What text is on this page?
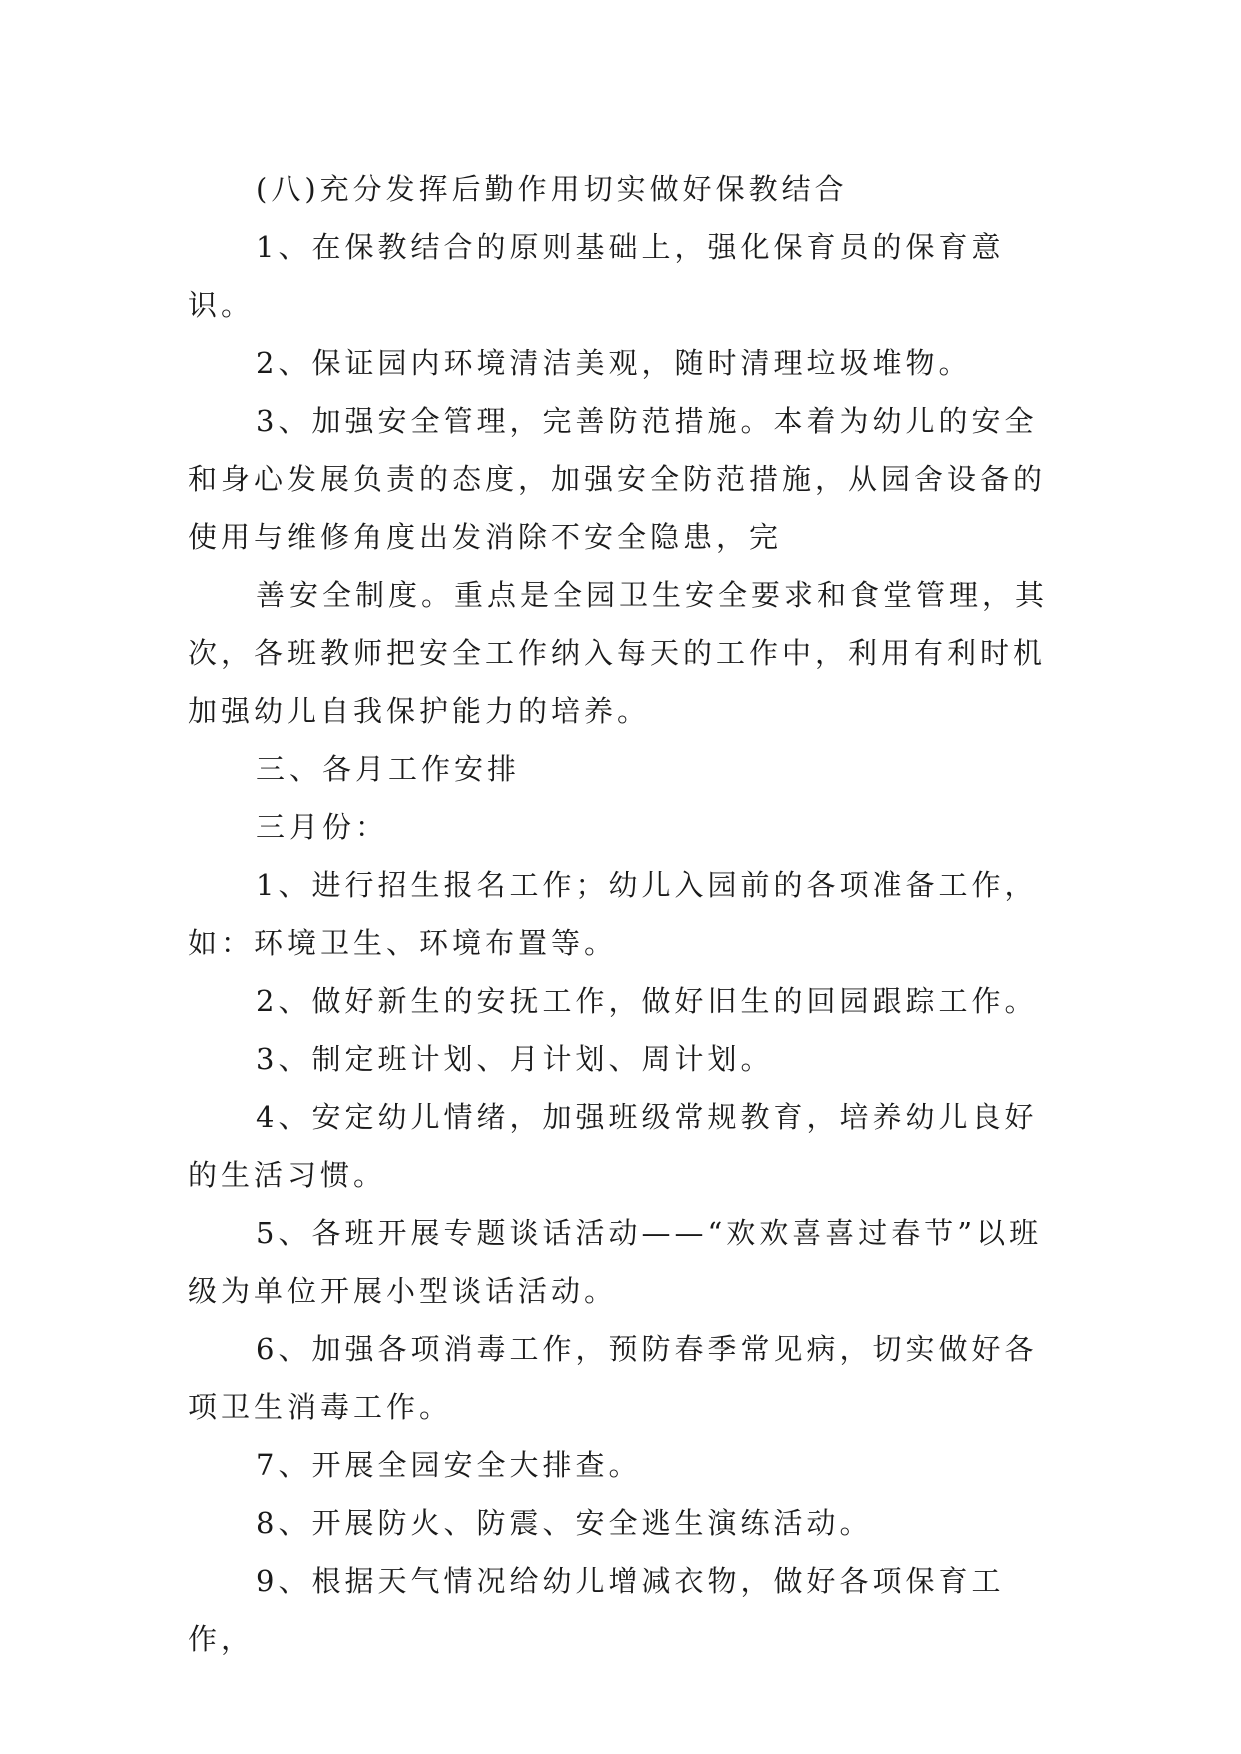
(八)充分发挥后勤作用切实做好保教结合

1、在保教结合的原则基础上，强化保育员的保育意识。

2、保证园内环境清洁美观，随时清理垃圾堆物。

3、加强安全管理，完善防范措施。本着为幼儿的安全和身心发展负责的态度，加强安全防范措施，从园舍设备的使用与维修角度出发消除不安全隐患，完

善安全制度。重点是全园卫生安全要求和食堂管理，其次，各班教师把安全工作纳入每天的工作中，利用有利时机加强幼儿自我保护能力的培养。

三、各月工作安排

三月份：

1、进行招生报名工作；幼儿入园前的各项准备工作，如：环境卫生、环境布置等。

2、做好新生的安抚工作，做好旧生的回园跟踪工作。

3、制定班计划、月计划、周计划。

4、安定幼儿情绪，加强班级常规教育，培养幼儿良好的生活习惯。

5、各班开展专题谈话活动——“欢欢喜喜过春节”以班级为单位开展小型谈话活动。

6、加强各项消毒工作，预防春季常见病，切实做好各项卫生消毒工作。

7、开展全园安全大排查。

8、开展防火、防震、安全逃生演练活动。

9、根据天气情况给幼儿增减衣物，做好各项保育工作，
